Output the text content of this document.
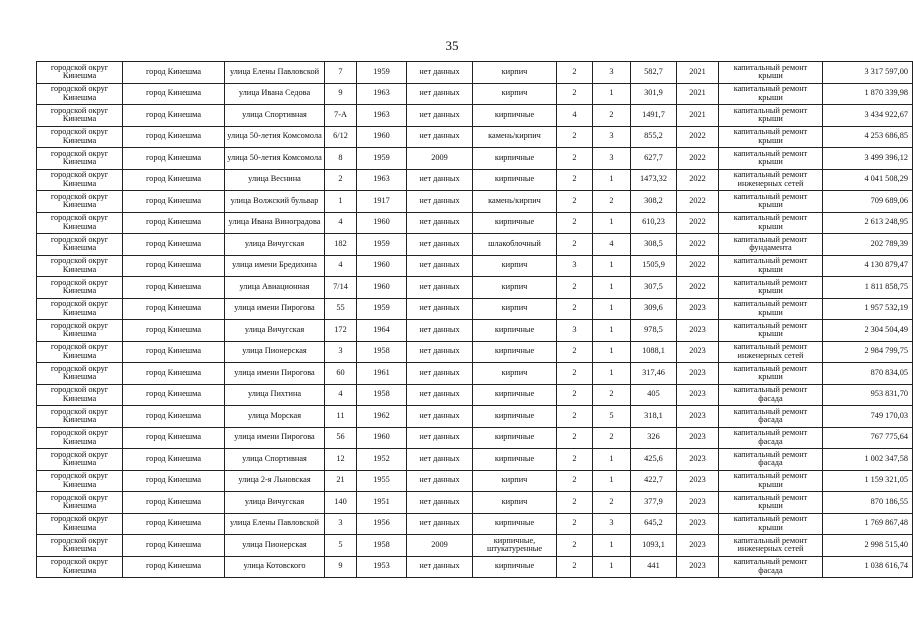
35
городской округ Кинешма	город Кинешма	улица Елены Павловской	7	1959	нет данных	кирпич	2	3	582,7	2021	капитальный ремонт крыши	3 317 597,00
городской округ Кинешма	город Кинешма	улица Ивана Седова	9	1963	нет данных	кирпич	2	1	301,9	2021	капитальный ремонт крыши	1 870 339,98
городской округ Кинешма	город Кинешма	улица Спортивная	7-А	1963	нет данных	кирпичные	4	2	1491,7	2021	капитальный ремонт крыши	3 434 922,67
городской округ Кинешма	город Кинешма	улица 50-летия Комсомола	6/12	1960	нет данных	камень/кирпич	2	3	855,2	2022	капитальный ремонт крыши	4 253 686,85
городской округ Кинешма	город Кинешма	улица 50-летия Комсомола	8	1959	2009	кирпичные	2	3	627,7	2022	капитальный ремонт крыши	3 499 396,12
городской округ Кинешма	город Кинешма	улица Веснина	2	1963	нет данных	кирпичные	2	1	1473,32	2022	капитальный ремонт инженерных сетей	4 041 508,29
городской округ Кинешма	город Кинешма	улица Волжский бульвар	1	1917	нет данных	камень/кирпич	2	2	308,2	2022	капитальный ремонт крыши	709 689,06
городской округ Кинешма	город Кинешма	улица Ивана Виноградова	4	1960	нет данных	кирпичные	2	1	610,23	2022	капитальный ремонт крыши	2 613 248,95
городской округ Кинешма	город Кинешма	улица Вичугская	182	1959	нет данных	шлакоблочный	2	4	308,5	2022	капитальный ремонт фундамента	202 789,39
городской округ Кинешма	город Кинешма	улица имени Бредихина	4	1960	нет данных	кирпич	3	1	1505,9	2022	капитальный ремонт крыши	4 130 879,47
городской округ Кинешма	город Кинешма	улица Авиационная	7/14	1960	нет данных	кирпич	2	1	307,5	2022	капитальный ремонт крыши	1 811 858,75
городской округ Кинешма	город Кинешма	улица имени Пирогова	55	1959	нет данных	кирпич	2	1	309,6	2023	капитальный ремонт крыши	1 957 532,19
городской округ Кинешма	город Кинешма	улица Вичугская	172	1964	нет данных	кирпичные	3	1	978,5	2023	капитальный ремонт крыши	2 304 504,49
городской округ Кинешма	город Кинешма	улица Пионерская	3	1958	нет данных	кирпичные	2	1	1088,1	2023	капитальный ремонт инженерных сетей	2 984 799,75
городской округ Кинешма	город Кинешма	улица имени Пирогова	60	1961	нет данных	кирпич	2	1	317,46	2023	капитальный ремонт крыши	870 834,05
городской округ Кинешма	город Кинешма	улица Пихтина	4	1958	нет данных	кирпичные	2	2	405	2023	капитальный ремонт фасада	953 831,70
городской округ Кинешма	город Кинешма	улица Морская	11	1962	нет данных	кирпичные	2	5	318,1	2023	капитальный ремонт фасада	749 170,03
городской округ Кинешма	город Кинешма	улица имени Пирогова	56	1960	нет данных	кирпичные	2	2	326	2023	капитальный ремонт фасада	767 775,64
городской округ Кинешма	город Кинешма	улица Спортивная	12	1952	нет данных	кирпичные	2	1	425,6	2023	капитальный ремонт фасада	1 002 347,58
городской округ Кинешма	город Кинешма	улица 2-я Льновская	21	1955	нет данных	кирпич	2	1	422,7	2023	капитальный ремонт крыши	1 159 321,05
городской округ Кинешма	город Кинешма	улица Вичугская	140	1951	нет данных	кирпич	2	2	377,9	2023	капитальный ремонт крыши	870 186,55
городской округ Кинешма	город Кинешма	улица Елены Павловской	3	1956	нет данных	кирпичные	2	3	645,2	2023	капитальный ремонт крыши	1 769 867,48
городской округ Кинешма	город Кинешма	улица Пионерская	5	1958	2009	кирпичные, штукатуренные	2	1	1093,1	2023	капитальный ремонт инженерных сетей	2 998 515,40
городской округ Кинешма	город Кинешма	улица Котовского	9	1953	нет данных	кирпичные	2	1	441	2023	капитальный ремонт фасада	1 038 616,74
